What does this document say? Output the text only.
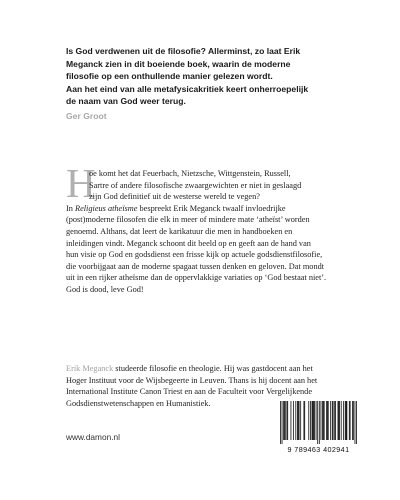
Is God verdwenen uit de filosofie? Allerminst, zo laat Erik
Meganck zien in dit boeiende boek, waarin de moderne
filosofie op een onthullende manier gelezen wordt.
Aan het eind van alle metafysicakritiek keert onherroepelijk
de naam van God weer terug.
Ger Groot
H
oe komt het dat Feuerbach, Nietzsche, Wittgenstein, Russell,
Sartre of andere filosofische zwaargewichten er niet in geslaagd
zijn God definitief uit de westerse wereld te vegen?
In Religieus atheïsme bespreekt Erik Meganck twaalf invloedrijke
(post)moderne filosofen die elk in meer of mindere mate ‘atheïst’ worden
genoemd. Althans, dat leert de karikatuur die men in handboeken en
inleidingen vindt. Meganck schoont dit beeld op en geeft aan de hand van
hun visie op God en godsdienst een frisse kijk op actuele godsdienstfilosofie,
die voorbijgaat aan de moderne spagaat tussen denken en geloven. Dat mondt
uit in een rijker atheïsme dan de oppervlakkige variaties op ‘God bestaat niet’.
God is dood, leve God!
Erik Meganck studeerde filosofie en theologie. Hij was gastdocent aan het
Hoger Instituut voor de Wijsbegeerte in Leuven. Thans is hij docent aan het
International Institute Canon Triest en aan de Faculteit voor Vergelijkende
Godsdienstwetenschappen en Humanistiek.
www.damon.nl
9 789463 402941
